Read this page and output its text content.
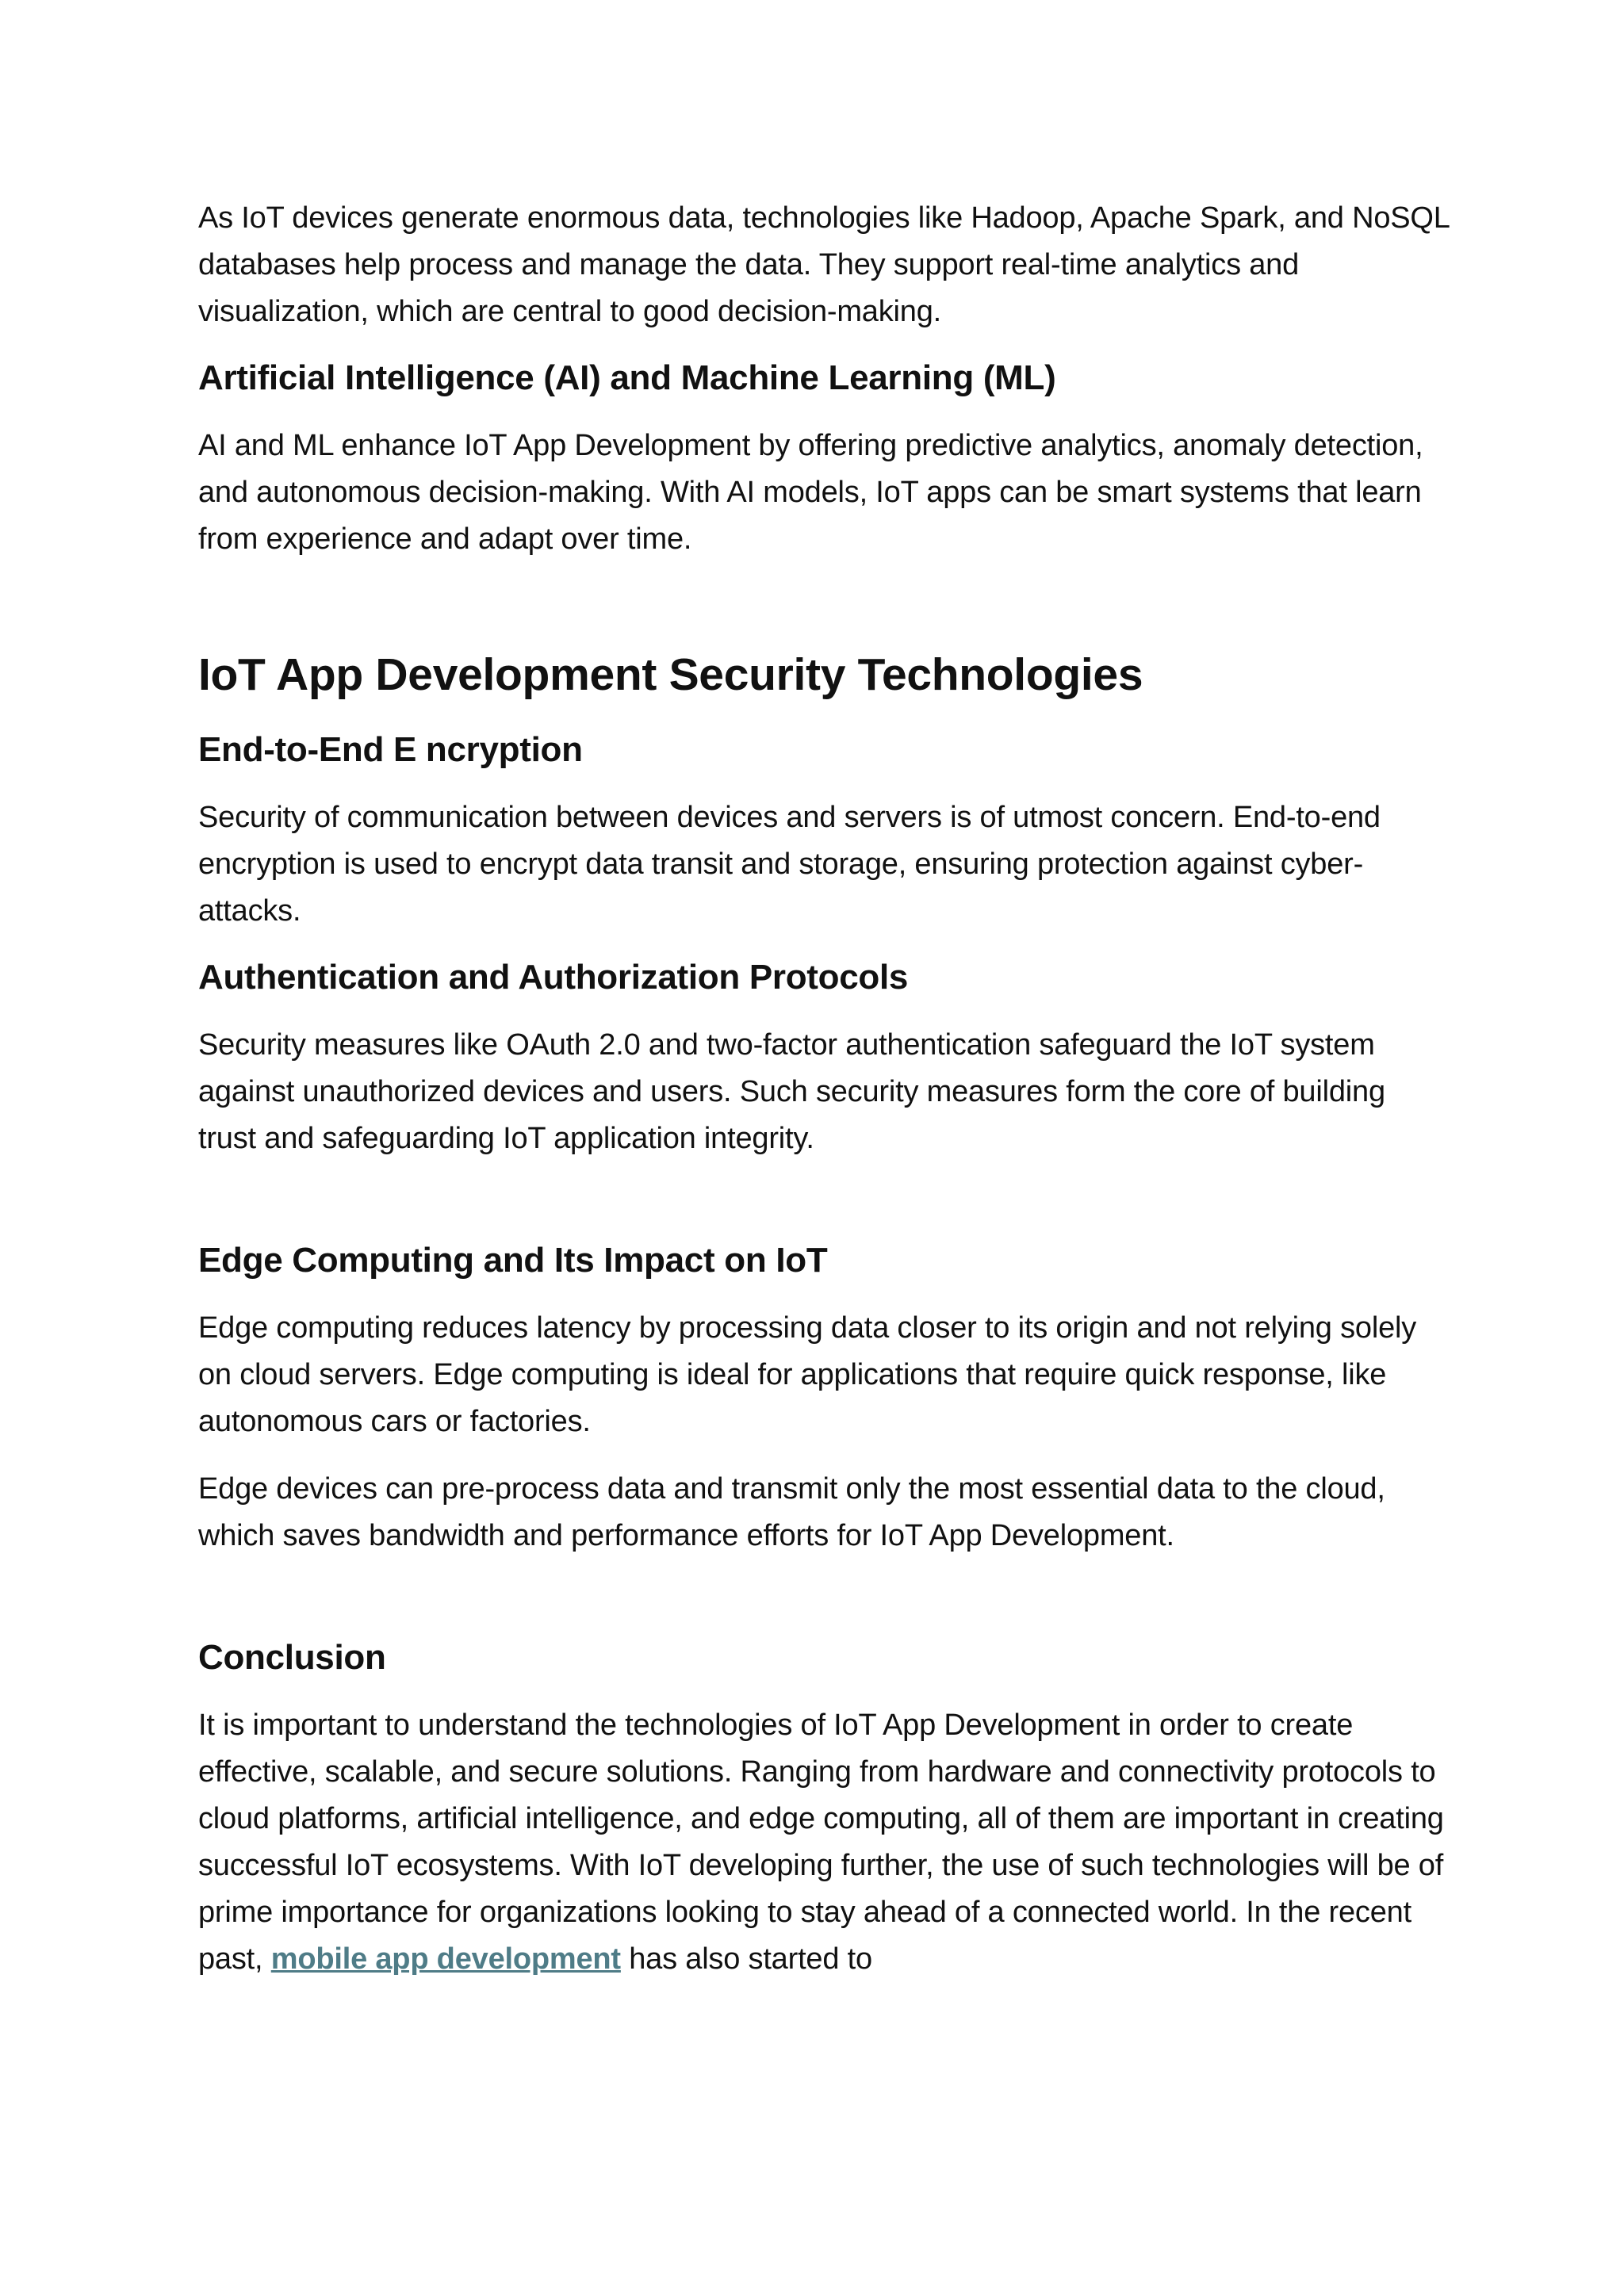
As IoT devices generate enormous data, technologies like Hadoop, Apache Spark, and NoSQL databases help process and manage the data. They support real-time analytics and visualization, which are central to good decision-making.

Artificial Intelligence (AI) and Machine Learning (ML)

AI and ML enhance IoT App Development by offering predictive analytics, anomaly detection, and autonomous decision-making. With AI models, IoT apps can be smart systems that learn from experience and adapt over time.

IoT App Development Security Technologies
End-to-End E ncryption

Security of communication between devices and servers is of utmost concern. End-to-end encryption is used to encrypt data transit and storage, ensuring protection against cyber-attacks.

Authentication and Authorization Protocols

Security measures like OAuth 2.0 and two-factor authentication safeguard the IoT system against unauthorized devices and users. Such security measures form the core of building trust and safeguarding IoT application integrity.

Edge Computing and Its Impact on IoT

Edge computing reduces latency by processing data closer to its origin and not relying solely on cloud servers. Edge computing is ideal for applications that require quick response, like autonomous cars or factories.

Edge devices can pre-process data and transmit only the most essential data to the cloud, which saves bandwidth and performance efforts for IoT App Development.

Conclusion

It is important to understand the technologies of IoT App Development in order to create effective, scalable, and secure solutions. Ranging from hardware and connectivity protocols to cloud platforms, artificial intelligence, and edge computing, all of them are important in creating successful IoT ecosystems. With IoT developing further, the use of such technologies will be of prime importance for organizations looking to stay ahead of a connected world. In the recent past, mobile app development has also started to
